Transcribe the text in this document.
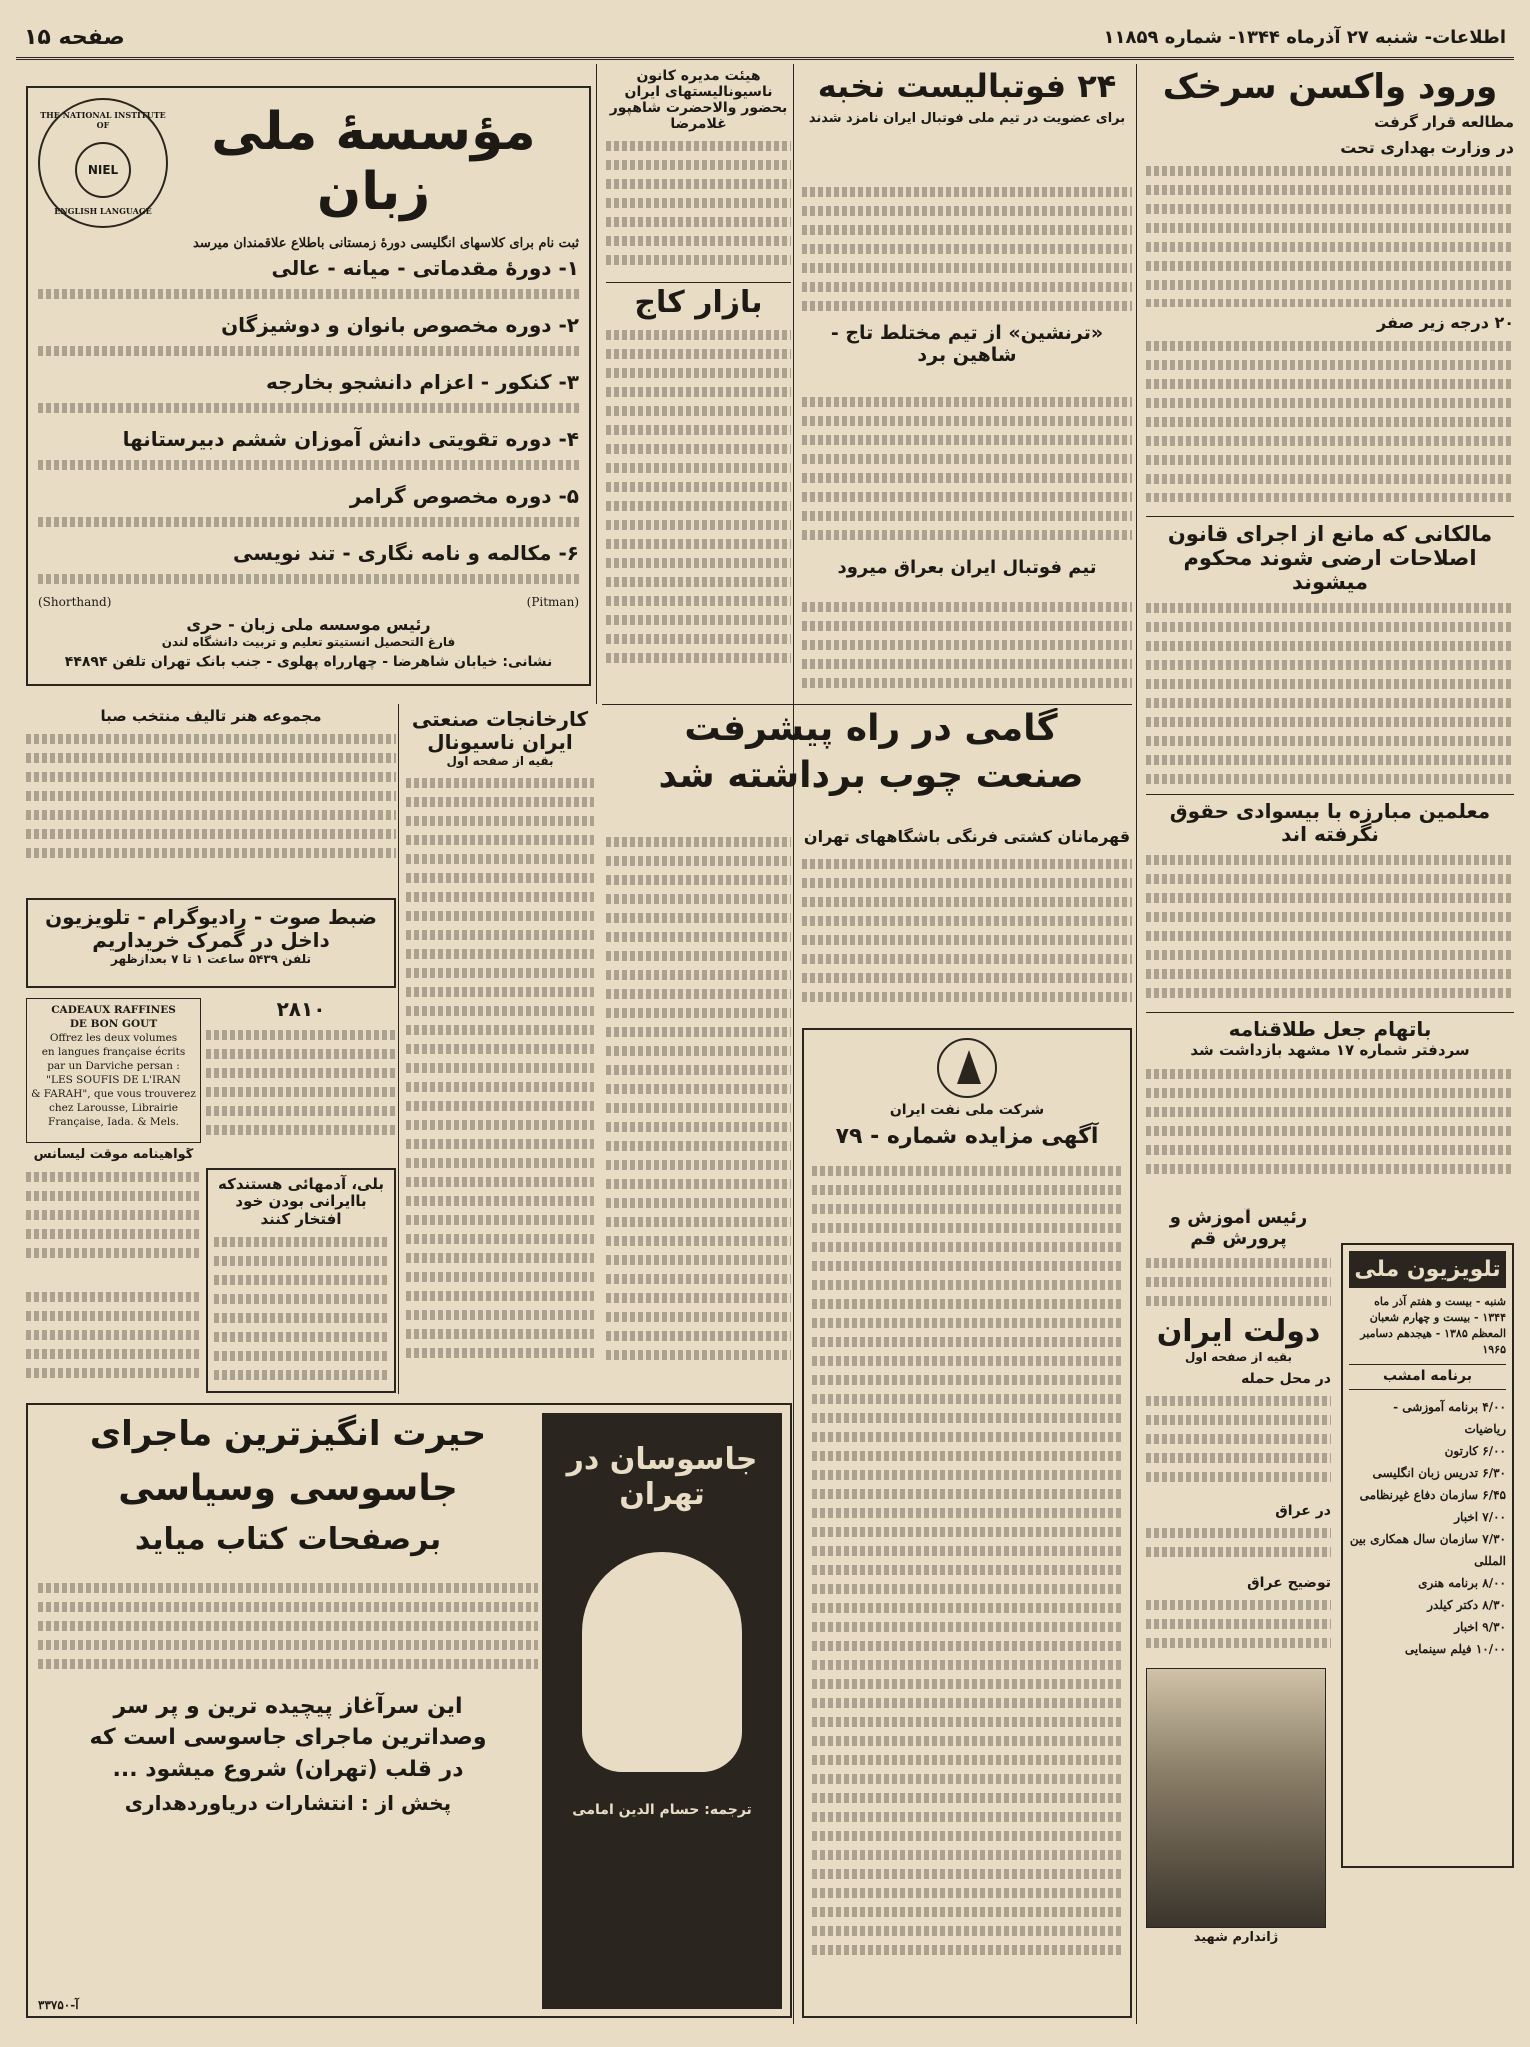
اطلاعات- شنبه ۲۷ آذرماه ۱۳۴۴- شماره ۱۱۸۵۹
صفحه ۱۵
ورود واکسن سرخک
مطالعه قرار گرفت
در وزارت بهداری تحت
۲۰ درجه زیر صفر
مالکانی که مانع از اجرای قانون اصلاحات ارضی شوند محکوم میشوند
معلمین مبارزه با بیسوادی حقوق نگرفته اند
باتهام جعل طلاقنامه
سردفتر شماره ۱۷ مشهد بازداشت شد
تلویزیون ملی
شنبه - بیست و هفتم آذر ماه ۱۳۴۴ - بیست و چهارم شعبان المعظم ۱۳۸۵ - هیجدهم دسامبر ۱۹۶۵
برنامه امشب
۴/۰۰ برنامه آموزشی - ریاضیات
۶/۰۰ کارتون
۶/۳۰ تدریس زبان انگلیسی
۶/۴۵ سازمان دفاع غیرنظامی
۷/۰۰ اخبار
۷/۳۰ سازمان سال همکاری بین المللی
۸/۰۰ برنامه هنری
۸/۳۰ دکتر کیلدر
۹/۳۰ اخبار
۱۰/۰۰ فیلم سینمایی
ژاندارم شهید
۲۴ فوتبالیست نخبه
برای عضویت در تیم ملی فوتبال ایران نامزد شدند
«ترنشین» از تیم مختلط تاج - شاهین برد
تیم فوتبال ایران بعراق میرود
گامی در راه پیشرفت
صنعت چوب برداشته شد
قهرمانان کشتی فرنگی باشگاههای تهران
شرکت ملی نفت ایران
آگهی مزایده شماره - ۷۹
رئیس آموزش و پرورش قم
دولت ایران
بقیه از صفحه اول
در محل حمله
در عراق
توضیح عراق
هیئت مدیره کانون ناسیونالیستهای ایران بحضور والاحضرت شاهپور غلامرضا
بازار کاج
THE NATIONAL INSTITUTE OF
NIEL
ENGLISH LANGUAGE
مؤسسهٔ ملی زبان
ثبت نام برای کلاسهای انگلیسی دورهٔ زمستانی باطلاع علاقمندان میرسد
۱- دورهٔ مقدماتی - میانه - عالی
۲- دوره مخصوص بانوان و دوشیزگان
۳- کنکور - اعزام دانشجو بخارجه
۴- دوره تقویتی دانش آموزان ششم دبیرستانها
۵- دوره مخصوص گرامر
۶- مکالمه و نامه نگاری - تند نویسی
(Shorthand)	(Pitman)
رئیس موسسه ملی زبان - حری
فارغ التحصیل انستیتو تعلیم و تربیت دانشگاه لندن
نشانی: خیابان شاهرضا - چهارراه پهلوی - جنب بانک تهران تلفن ۴۴۸۹۴
کارخانجات صنعتی ایران ناسیونال
بقیه از صفحه اول
مجموعه هنر تالیف منتخب صبا
ضبط صوت - رادیوگرام - تلویزیون
داخل در گمرک خریداریم
تلفن ۵۴۳۹ ساعت ۱ تا ۷ بعدازظهر
۲۸۱۰
CADEAUX RAFFINES
DE BON GOUT
Offrez les deux volumes
en langues française écrits
par un Darviche persan :
"LES SOUFIS DE L'IRAN
& FARAH", que vous trouverez chez Larousse, Librairie Française, Iada. & Mels.
گواهینامه موقت لیسانس
بلی، آدمهائی هستندکه باایرانی بودن خود افتخار کنند
جاسوسان در تهران
ترجمه: حسام الدین امامی
حیرت انگیزترین ماجرای
جاسوسی وسیاسی
برصفحات کتاب میاید
این سرآغاز پیچیده ترین و پر سر
وصداترین ماجرای جاسوسی است که
در قلب (تهران) شروع میشود ...
پخش از : انتشارات دریاوردهداری
آ-۳۳۷۵۰
